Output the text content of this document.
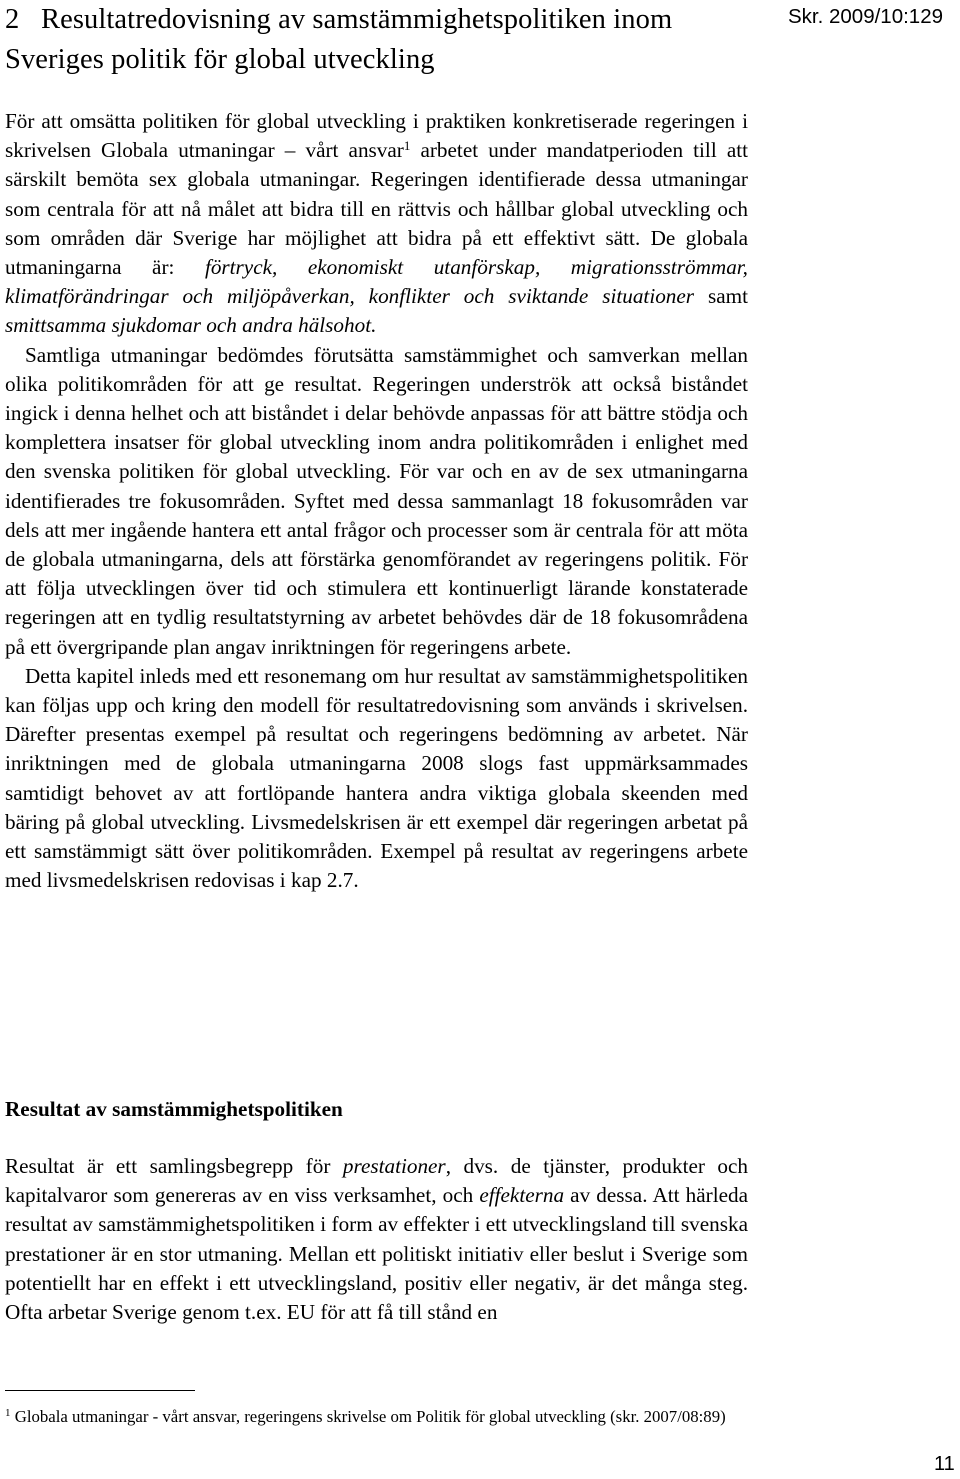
2 Resultatredovisning av samstämmighetspolitiken inom Sveriges politik för global utveckling
Skr. 2009/10:129
För att omsätta politiken för global utveckling i praktiken konkretiserade regeringen i skrivelsen Globala utmaningar – vårt ansvar$^1$ arbetet under mandatperioden till att särskilt bemöta sex globala utmaningar. Regeringen identifierade dessa utmaningar som centrala för att nå målet att bidra till en rättvis och hållbar global utveckling och som områden där Sverige har möjlighet att bidra på ett effektivt sätt. De globala utmaningarna är: förtryck, ekonomiskt utanförskap, migrationsströmmar, klimatförändringar och miljöpåverkan, konflikter och sviktande situationer samt smittsamma sjukdomar och andra hälsohot.
Samtliga utmaningar bedömdes förutsätta samstämmighet och samverkan mellan olika politikområden för att ge resultat. Regeringen underströk att också biståndet ingick i denna helhet och att biståndet i delar behövde anpassas för att bättre stödja och komplettera insatser för global utveckling inom andra politikområden i enlighet med den svenska politiken för global utveckling. För var och en av de sex utmaningarna identifierades tre fokusområden. Syftet med dessa sammanlagt 18 fokusområden var dels att mer ingående hantera ett antal frågor och processer som är centrala för att möta de globala utmaningarna, dels att förstärka genomförandet av regeringens politik. För att följa utvecklingen över tid och stimulera ett kontinuerligt lärande konstaterade regeringen att en tydlig resultatstyrning av arbetet behövdes där de 18 fokusområdena på ett övergripande plan angav inriktningen för regeringens arbete.
Detta kapitel inleds med ett resonemang om hur resultat av samstämmighetspolitiken kan följas upp och kring den modell för resultatredovisning som används i skrivelsen. Därefter presentas exempel på resultat och regeringens bedömning av arbetet. När inriktningen med de globala utmaningarna 2008 slogs fast uppmärksammades samtidigt behovet av att fortlöpande hantera andra viktiga globala skeenden med bäring på global utveckling. Livsmedelskrisen är ett exempel där regeringen arbetat på ett samstämmigt sätt över politikområden. Exempel på resultat av regeringens arbete med livsmedelskrisen redovisas i kap 2.7.
Resultat av samstämmighetspolitiken
Resultat är ett samlingsbegrepp för prestationer, dvs. de tjänster, produkter och kapitalvaror som genereras av en viss verksamhet, och effekterna av dessa. Att härleda resultat av samstämmighetspolitiken i form av effekter i ett utvecklingsland till svenska prestationer är en stor utmaning. Mellan ett politiskt initiativ eller beslut i Sverige som potentiellt har en effekt i ett utvecklingsland, positiv eller negativ, är det många steg. Ofta arbetar Sverige genom t.ex. EU för att få till stånd en

$^1$ Globala utmaningar - vårt ansvar, regeringens skrivelse om Politik för global utveckling (skr. 2007/08:89)

11
